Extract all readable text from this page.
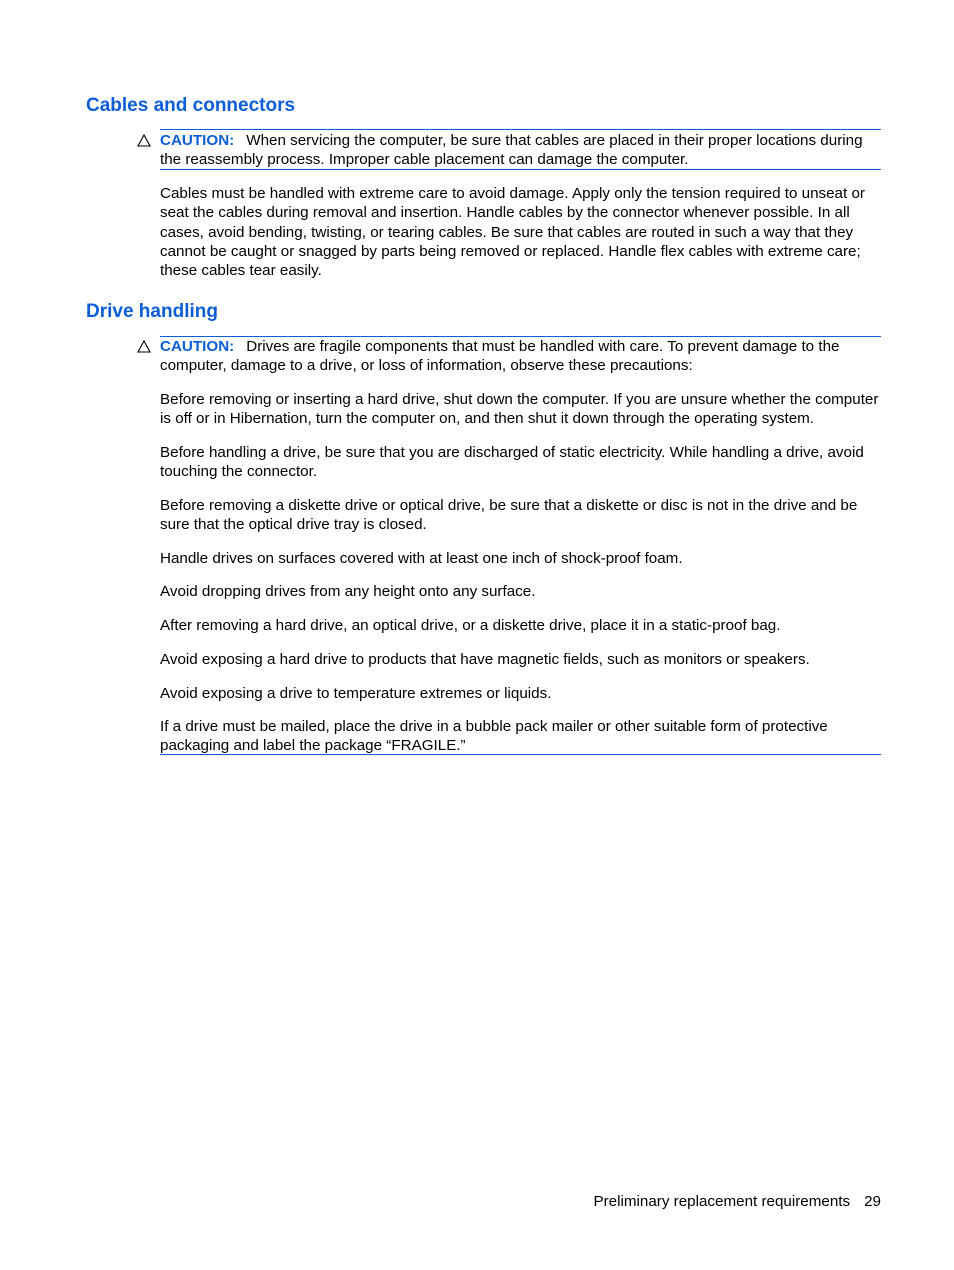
Cables and connectors

CAUTION: When servicing the computer, be sure that cables are placed in their proper locations during the reassembly process. Improper cable placement can damage the computer.

Cables must be handled with extreme care to avoid damage. Apply only the tension required to unseat or seat the cables during removal and insertion. Handle cables by the connector whenever possible. In all cases, avoid bending, twisting, or tearing cables. Be sure that cables are routed in such a way that they cannot be caught or snagged by parts being removed or replaced. Handle flex cables with extreme care; these cables tear easily.

Drive handling

CAUTION: Drives are fragile components that must be handled with care. To prevent damage to the computer, damage to a drive, or loss of information, observe these precautions:

Before removing or inserting a hard drive, shut down the computer. If you are unsure whether the computer is off or in Hibernation, turn the computer on, and then shut it down through the operating system.

Before handling a drive, be sure that you are discharged of static electricity. While handling a drive, avoid touching the connector.

Before removing a diskette drive or optical drive, be sure that a diskette or disc is not in the drive and be sure that the optical drive tray is closed.

Handle drives on surfaces covered with at least one inch of shock-proof foam.

Avoid dropping drives from any height onto any surface.

After removing a hard drive, an optical drive, or a diskette drive, place it in a static-proof bag.

Avoid exposing a hard drive to products that have magnetic fields, such as monitors or speakers.

Avoid exposing a drive to temperature extremes or liquids.

If a drive must be mailed, place the drive in a bubble pack mailer or other suitable form of protective packaging and label the package “FRAGILE.”

Preliminary replacement requirements 29
